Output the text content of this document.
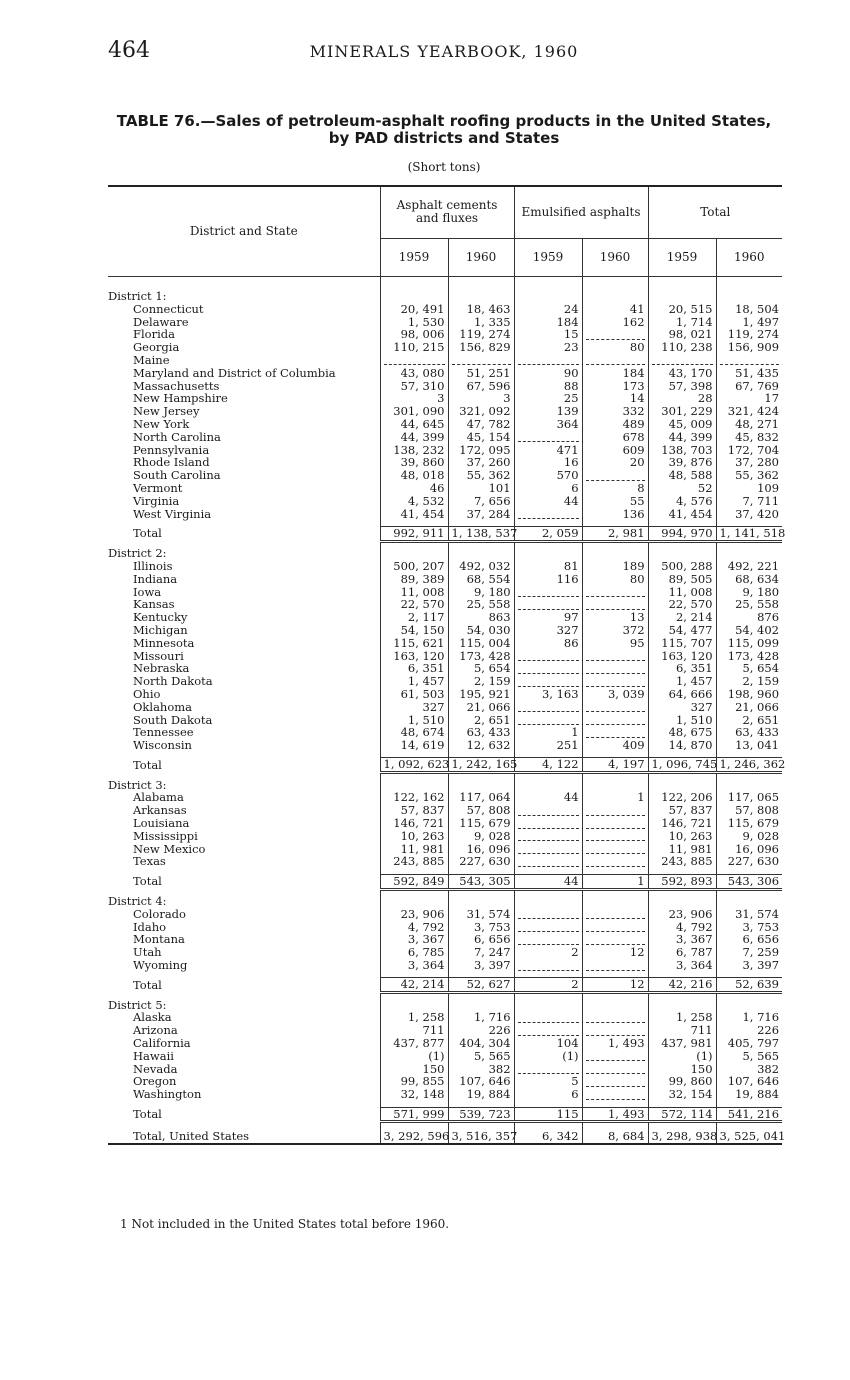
464	MINERALS YEARBOOK, 1960
TABLE 76.—Sales of petroleum-asphalt roofing products in the United States,
by PAD districts and States
(Short tons)
District and State	Asphalt cements and fluxes		Emulsified asphalts		Total	
	1959	1960	1959	1960	1959	1960

District 1:						
Connecticut	20, 491	18, 463	24	41	20, 515	18, 504
Delaware	1, 530	1, 335	184	162	1, 714	1, 497
Florida	98, 006	119, 274	15		98, 021	119, 274
Georgia	110, 215	156, 829	23	80	110, 238	156, 909
Maine						
Maryland and District of Columbia	43, 080	51, 251	90	184	43, 170	51, 435
Massachusetts	57, 310	67, 596	88	173	57, 398	67, 769
New Hampshire	3	3	25	14	28	17
New Jersey	301, 090	321, 092	139	332	301, 229	321, 424
New York	44, 645	47, 782	364	489	45, 009	48, 271
North Carolina	44, 399	45, 154		678	44, 399	45, 832
Pennsylvania	138, 232	172, 095	471	609	138, 703	172, 704
Rhode Island	39, 860	37, 260	16	20	39, 876	37, 280
South Carolina	48, 018	55, 362	570		48, 588	55, 362
Vermont	46	101	6	8	52	109
Virginia	4, 532	7, 656	44	55	4, 576	7, 711
West Virginia	41, 454	37, 284		136	41, 454	37, 420

Total	992, 911	1, 138, 537	2, 059	2, 981	994, 970	1, 141, 518

District 2:						
Illinois	500, 207	492, 032	81	189	500, 288	492, 221
Indiana	89, 389	68, 554	116	80	89, 505	68, 634
Iowa	11, 008	9, 180			11, 008	9, 180
Kansas	22, 570	25, 558			22, 570	25, 558
Kentucky	2, 117	863	97	13	2, 214	876
Michigan	54, 150	54, 030	327	372	54, 477	54, 402
Minnesota	115, 621	115, 004	86	95	115, 707	115, 099
Missouri	163, 120	173, 428			163, 120	173, 428
Nebraska	6, 351	5, 654			6, 351	5, 654
North Dakota	1, 457	2, 159			1, 457	2, 159
Ohio	61, 503	195, 921	3, 163	3, 039	64, 666	198, 960
Oklahoma	327	21, 066			327	21, 066
South Dakota	1, 510	2, 651			1, 510	2, 651
Tennessee	48, 674	63, 433	1		48, 675	63, 433
Wisconsin	14, 619	12, 632	251	409	14, 870	13, 041

Total	1, 092, 623	1, 242, 165	4, 122	4, 197	1, 096, 745	1, 246, 362

District 3:						
Alabama	122, 162	117, 064	44	1	122, 206	117, 065
Arkansas	57, 837	57, 808			57, 837	57, 808
Louisiana	146, 721	115, 679			146, 721	115, 679
Mississippi	10, 263	9, 028			10, 263	9, 028
New Mexico	11, 981	16, 096			11, 981	16, 096
Texas	243, 885	227, 630			243, 885	227, 630

Total	592, 849	543, 305	44	1	592, 893	543, 306

District 4:						
Colorado	23, 906	31, 574			23, 906	31, 574
Idaho	4, 792	3, 753			4, 792	3, 753
Montana	3, 367	6, 656			3, 367	6, 656
Utah	6, 785	7, 247	2	12	6, 787	7, 259
Wyoming	3, 364	3, 397			3, 364	3, 397

Total	42, 214	52, 627	2	12	42, 216	52, 639

District 5:						
Alaska	1, 258	1, 716			1, 258	1, 716
Arizona	711	226			711	226
California	437, 877	404, 304	104	1, 493	437, 981	405, 797
Hawaii	(1)	5, 565	(1)		(1)	5, 565
Nevada	150	382			150	382
Oregon	99, 855	107, 646	5		99, 860	107, 646
Washington	32, 148	19, 884	6		32, 154	19, 884

Total	571, 999	539, 723	115	1, 493	572, 114	541, 216

Total, United States	3, 292, 596	3, 516, 357	6, 342	8, 684	3, 298, 938	3, 525, 041
1 Not included in the United States total before 1960.
